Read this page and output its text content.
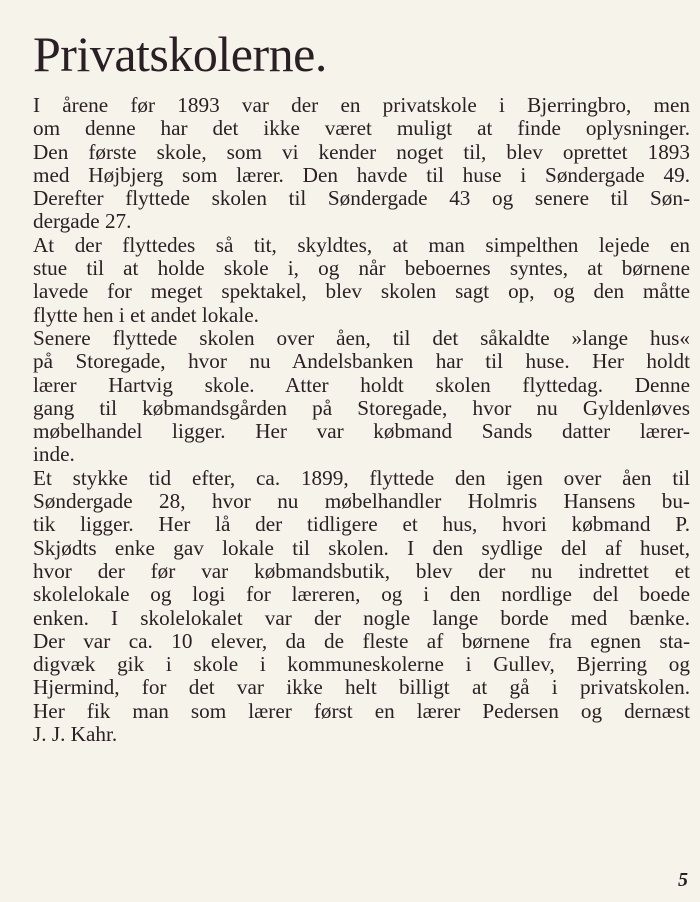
Privatskolerne.
I årene før 1893 var der en privatskole i Bjerringbro, men
om denne har det ikke været muligt at finde oplysninger.
Den første skole, som vi kender noget til, blev oprettet 1893
med Højbjerg som lærer. Den havde til huse i Søndergade 49.
Derefter flyttede skolen til Søndergade 43 og senere til Søn-
dergade 27.
At der flyttedes så tit, skyldtes, at man simpelthen lejede en
stue til at holde skole i, og når beboernes syntes, at børnene
lavede for meget spektakel, blev skolen sagt op, og den måtte
flytte hen i et andet lokale.
Senere flyttede skolen over åen, til det såkaldte »lange hus«
på Storegade, hvor nu Andelsbanken har til huse. Her holdt
lærer Hartvig skole. Atter holdt skolen flyttedag. Denne
gang til købmandsgården på Storegade, hvor nu Gyldenløves
møbelhandel ligger. Her var købmand Sands datter lærer-
inde.
Et stykke tid efter, ca. 1899, flyttede den igen over åen til
Søndergade 28, hvor nu møbelhandler Holmris Hansens bu-
tik ligger. Her lå der tidligere et hus, hvori købmand P.
Skjødts enke gav lokale til skolen. I den sydlige del af huset,
hvor der før var købmandsbutik, blev der nu indrettet et
skolelokale og logi for læreren, og i den nordlige del boede
enken. I skolelokalet var der nogle lange borde med bænke.
Der var ca. 10 elever, da de fleste af børnene fra egnen sta-
digvæk gik i skole i kommuneskolerne i Gullev, Bjerring og
Hjermind, for det var ikke helt billigt at gå i privatskolen.
Her fik man som lærer først en lærer Pedersen og dernæst
J. J. Kahr.
5
